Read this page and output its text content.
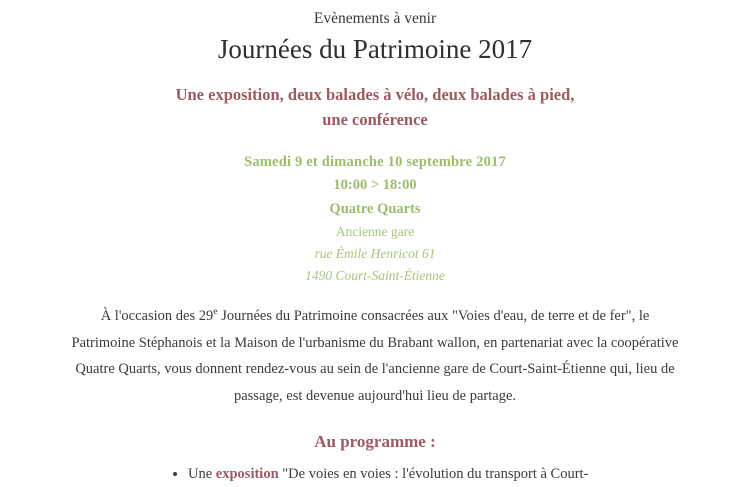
Evènements à venir
Journées du Patrimoine 2017
Une exposition, deux balades à vélo, deux balades à pied,
une conférence
Samedi 9 et dimanche 10 septembre 2017
10:00 > 18:00
Quatre Quarts
Ancienne gare
rue Émile Henricot 61
1490 Court-Saint-Étienne

À l'occasion des 29e Journées du Patrimoine consacrées aux "Voies d'eau, de terre et de fer", le Patrimoine Stéphanois et la Maison de l'urbanisme du Brabant wallon, en partenariat avec la coopérative Quatre Quarts, vous donnent rendez-vous au sein de l'ancienne gare de Court-Saint-Étienne qui, lieu de passage, est devenue aujourd'hui lieu de partage.

Au programme :
• Une exposition "De voies en voies : l'évolution du transport à Court-
